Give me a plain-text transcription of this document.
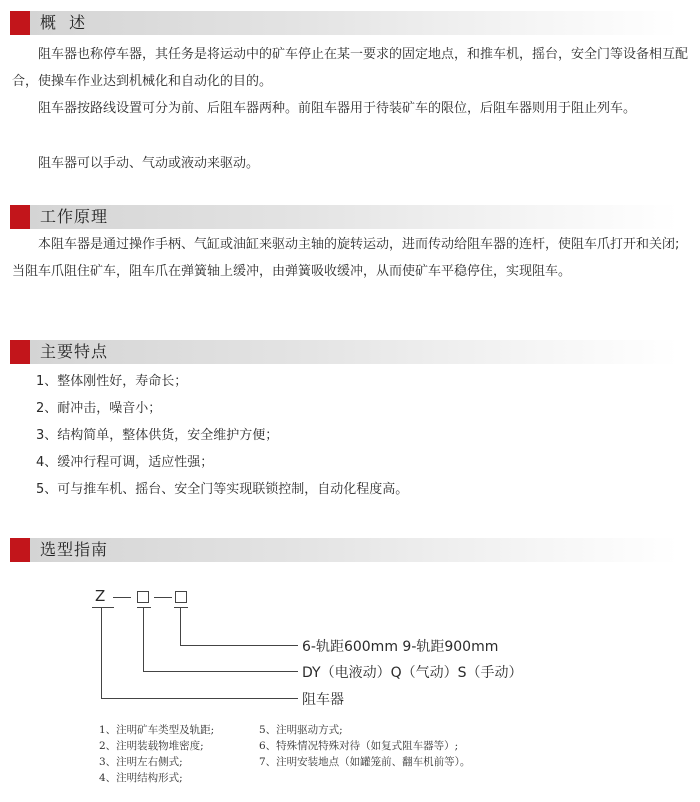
概  述
阻车器也称停车器，其任务是将运动中的矿车停止在某一要求的固定地点，和推车机，摇台，安全门等设备相互配合，使操车作业达到机械化和自动化的目的。
阻车器按路线设置可分为前、后阻车器两种。前阻车器用于待装矿车的限位，后阻车器则用于阻止列车。
阻车器可以手动、气动或液动来驱动。
工作原理
本阻车器是通过操作手柄、气缸或油缸来驱动主轴的旋转运动，进而传动给阻车器的连杆，使阻车爪打开和关闭;当阻车爪阻住矿车，阻车爪在弹簧轴上缓冲，由弹簧吸收缓冲，从而使矿车平稳停住，实现阻车。
主要特点
1、整体刚性好，寿命长；
2、耐冲击，噪音小；
3、结构简单，整体供货，安全维护方便；
4、缓冲行程可调，适应性强；
5、可与推车机、摇台、安全门等实现联锁控制，自动化程度高。
选型指南
Z
6-轨距600mm 9-轨距900mm
DY（电液动）Q（气动）S（手动）
阻车器
1、注明矿车类型及轨距;
2、注明装载物堆密度;
3、注明左右侧式;
4、注明结构形式;
5、注明驱动方式;
6、特殊情况特殊对待（如复式阻车器等）;
7、注明安装地点（如罐笼前、翻车机前等）。
